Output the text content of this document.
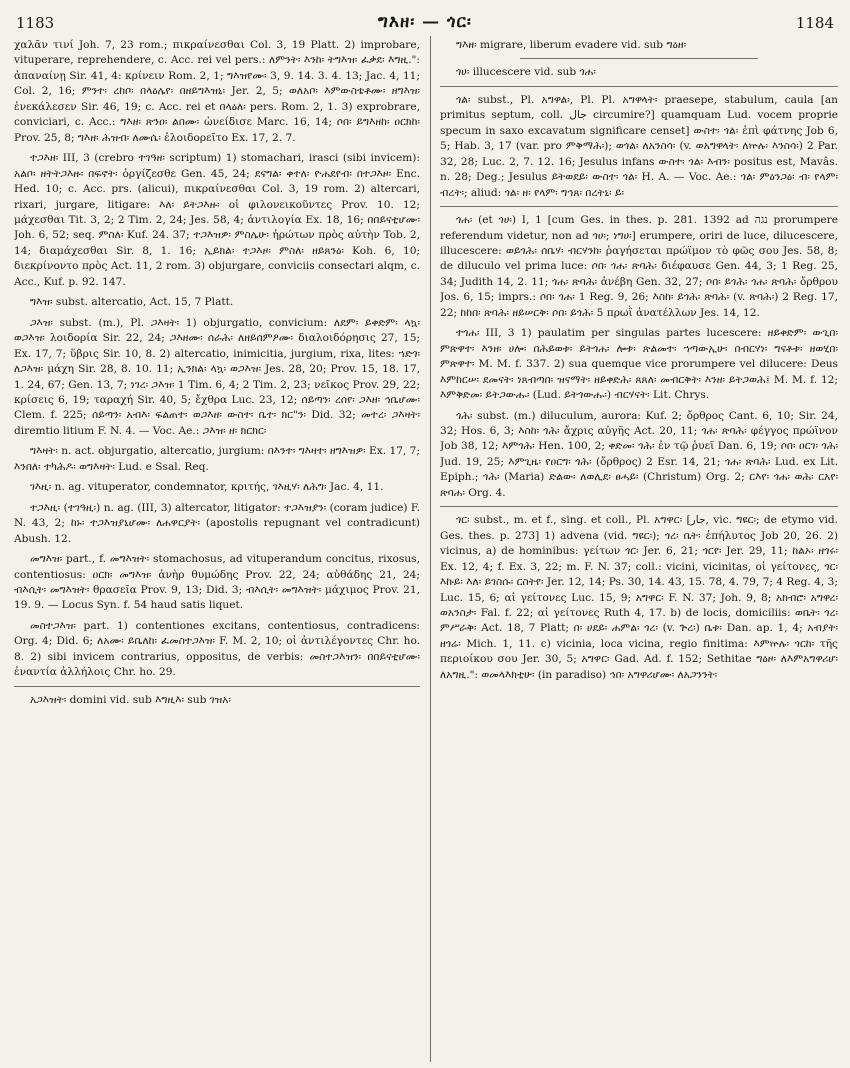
1183	ግእዘ፡ — ጎር፡	1184

χαλᾶν τινί Joh. 7, 23 rom.; πικραίνεσθαι Col. 3, 19 Platt. 2) improbare, vituperare, reprehendere, c. Acc. rei vel pers.: ለምንት፡ እንከ፡ ትግእዝ፡ ፈቃደ፡ እግዚ.": ἀπαναίνῃ Sir. 41, 4: κρίνειν Rom. 2, 1; ግእዝየሙ፡ 3, 9. 14. 3. 4. 13; Jac. 4, 11; Col. 2, 16; ምንተ፡ ረከቦ፡ በላዕሌየ፡ በዘይግእዝኒ፡ Jer. 2, 5; ወለአቦ፡ እምውስቴቶሙ፡ ዘግእዝ፡ ἐνεκάλεσεν Sir. 46, 19; c. Acc. rei et በላዕለ፡ pers. Rom. 2, 1. 3) exprobrare, conviciari, c. Acc.: ግእዘ፡ ጽንዐ፡ ልበሙ፡ ὠνείδισε Marc. 16, 14; ሶበ፡ ይግእዘከ፡ ዐርክከ፡ Prov. 25, 8; ግእዘ፡ ሕዝብ፡ ለሙሴ፡ ἐλοιδορεῖτο Ex. 17, 2. 7.

ተጋእዘ፡ III, 3 (crebro ተገዓዘ፡ scriptum) 1) stomachari, irasci (sibi invicem): አልቦ፡ ዘትትጋእዙ፡ በፍኖት፡ ὀργίζεσθε Gen. 45, 24; ደናግል፡ ቀተለ፡ ዮሐደየብ፡ በተጋእዞ፡ Enc. Hed. 10; c. Acc. prs. (alicui), πικραίνεσθαι Col. 3, 19 rom. 2) altercari, rixari, jurgare, litigare: እለ፡ ይትጋእዙ፡ οἱ φιλονεικοῦντες Prov. 10. 12; μάχεσθαι Tit. 3, 2; 2 Tim. 2, 24; Jes. 58, 4; ἀντιλογία Ex. 18, 16; በበይናቲሆሙ፡ Joh. 6, 52; seq. ምስለ፡ Kuf. 24. 37; ተጋእዝዎ፡ ምስሌሁ፡ ἠρώτων πρὸς αὐτὴν Tob. 2, 14; διαμάχεσθαι Sir. 8, 1. 16; ኢይክል፡ ተጋእዞ፡ ምስለ፡ ዘይጸንዕ፡ Koh. 6, 10; διεκρίνοντο πρὸς Act. 11, 2 rom. 3) objurgare, conviciis consectari alqm, c. Acc., Kuf. p. 92. 147.

ግእዝ፡ subst. altercatio, Act. 15, 7 Platt.

ጋእዝ፡ subst. (m.), Pl. ጋእዛት፡ 1) objurgatio, convicium: ለደም፡ ይቀድም፡ ላኳ፡ ወጋእዝ፡ λοιδορία Sir. 22, 24; ጋእዘሙ፡ ሰራሕ፡ ለዘይሰምዖሙ፡ διαλοιδόρησις 27, 15; Ex. 17, 7; ὕβρις Sir. 10, 8. 2) altercatio, inimicitia, jurgium, rixa, lites: ኀድጎ፡ ለጋእዝ፡ μάχη Sir. 28, 8. 10. 11; ኢንክል፡ ላኳ፡ ወጋእዝ፡ Jes. 28, 20; Prov. 15, 18. 17, 1. 24, 67; Gen. 13, 7; ነገረ፡ ጋእዝ፡ 1 Tim. 6, 4; 2 Tim. 2, 23; νεῖκος Prov. 29, 22; κρίσεις 6, 19; ταραχή Sir. 40, 5; ἔχθρα Luc. 23, 12; ሰይጣን፡ ረሰየ፡ ጋእዘ፡ ኅቤሆሙ፡ Clem. f. 225; ሰይጣን፡ አብእ፡ ፍልጠተ፡ ወጋእዘ፡ ውስተ፡ ቤተ፡ ክር"ን፡ Did. 32; መተረ፡ ጋእዛት፡ diremtio litium F. N. 4. — Voc. Ae.: ጋእዝ፡ ዘ፡ ክርክር፡

ግእዛት፡ n. act. objurgatio, altercatio, jurgium: በእንተ፡ ግእዛተ፡ ዘግእዝዎ፡ Ex. 17, 7; እንበለ፡ ተካሕዶ፡ ወግእዛት፡ Lud. e Ssal. Req.

ገእዚ፡ n. ag. vituperator, condemnator, κριτής, ገእዚሃ፡ ለሕግ፡ Jac. 4, 11.

ተጋእዚ፡ (ተገዓዚ፡) n. ag. (III, 3) altercator, litigator: ተጋእዝያን፡ (coram judice) F. N. 43, 2; ከኑ፡ ተጋእዝያኒሆሙ፡ ለሐዋርያት፡ (apostolis repugnant vel contradicunt) Abush. 12.

መግእዝ፡ part., f. መግእዝት፡ stomachosus, ad vituperandum concitus, rixosus, contentiosus: ዐርክ፡ መግእዝ፡ ἀνὴρ θυμώδης Prov. 22, 24; αὐθάδης 21, 24; ብእሲት፡ መግእዝት፡ θρασεῖα Prov. 9, 13; Did. 3; ብእሲት፡ መግእዝት፡ μάχιμος Prov. 21, 19. 9. — Locus Syn. f. 54 haud satis liquet.

መስተጋእዝ፡ part. 1) contentiones excitans, contentiosus, contradicens: Org. 4; Did. 6; ለአሙ፡ ይቤለከ፡ ፈመስተጋእዝ፡ F. M. 2, 10; οἱ ἀντιλέγοντες Chr. ho. 8. 2) sibi invicem contrarius, oppositus, de verbis: መስተጋእዝን፡ በበይናቲሆሙ፡ ἐναντία ἀλλήλοις Chr. ho. 29.

አጋእዝት፡ domini vid. sub እግዚእ፡ sub ገዝአ፡

ግእዘ፡ migrare, liberum evadere vid. sub ግዕዘ፡

ጎሀ፡ illucescere vid. sub ጎሐ፡

ጎል፡ subst., Pl. አግዋል፡, Pl. Pl. አግዋላት፡ praesepe, stabulum, caula [an primitus septum, coll. جال circumire?] quamquam Lud. vocem proprie specum in saxo excavatum significare censet] ውስተ፡ ጎል፡ ἐπὶ φάτνης Job 6, 5; Hab. 3, 17 (var. pro ምቅማሕ፡); ወጎል፡ ለአንስሳ፡ (v. ወአግዋላት፡ ለኵሉ፡ እንስሳ፡) 2 Par. 32, 28; Luc. 2, 7. 12. 16; Jesulus infans ውስተ፡ ጎል፡ እብን፡ positus est, Mavâs. n. 28; Deg.; Jesulus ይትወደይ፡ ውስተ፡ ጎል፡ H. A. — Voc. Ae.: ጎል፡ ምዕንጋዕ፡ ብ፡ የላም፡ ብረት፡; aliud: ጎል፡ ዘ፡ የላም፡ ግኅጸ፡ በረትኒ፡ ይ፡

ጎሐ፡ (et ጎሀ፡) I, 1 [cum Ges. in thes. p. 281. 1392 ad נגה prorumpere referendum videtur, non ad ጎሀ፡; ነግሀ፡] erumpere, oriri de luce, dilucescere, illucescere: ወይጎሕ፡ ሰቤሃ፡ ብርሃንከ፡ ῥαγήσεται πρώϊμον τὸ φῶς σου Jes. 58, 8; de diluculo vel prima luce: ሶበ፡ ጎሐ፡ ጽባሕ፡ διέφαυσε Gen. 44, 3; 1 Reg. 25, 34; Judith 14, 2. 11; ጎሐ፡ ጽባሕ፡ ἀνέβη Gen. 32, 27; ሶበ፡ ይጎሕ፡ ጎሐ፡ ጽባሕ፡ ὄρθρου Jos. 6, 15; imprs.: ሶበ፡ ጎሐ፡ 1 Reg. 9, 26; እስከ፡ ይጎሕ፡ ጽባሕ፡ (v. ጽባሕ፡) 2 Reg. 17, 22; ከከበ፡ ጽባሕ፡ ዘይሠርቅ፡ ሶበ፡ ይጎሕ፡ 5 πρωῒ ἀνατέλλων Jes. 14, 12.

ተጎሐ፡ III, 3 1) paulatim per singulas partes lucescere: ዘይቀድም፡ ውጊበ፡ ምጽዋተ፡ እንዘ፡ ሀሎ፡ በሕይወቱ፡ ይትጎሐ፡ ሎቱ፡ ጽልመተ፡ ኀጣውኢሁ፡ በብርሃነ፡ ግናቶቱ፡ ዘወሂበ፡ ምጽዋተ፡ M. M. f. 337. 2) sua quemque vice prorumpere vel dilucere: Deus እምከርሠ፡ ደመናት፡ ነጸብጣበ፡ ዝናማት፡ ዘይቀድሕ፡ ጸጸለ፡ መብርቅት፡ እንዘ፡ ይትጋወሕ፤ M. M. f. 12; እምቅድመ፡ ይትጋውሑ፡ (Lud. ይትጎውሑ፡) ብርሃናት፡ Lit. Chrys.

ጎሕ፡ subst. (m.) diluculum, aurora: Kuf. 2; ὄρθρος Cant. 6, 10; Sir. 24, 32; Hos. 6, 3; እስከ፡ ጎሕ፡ ἄχρις αὐγῆς Act. 20, 11; ጎሐ፡ ጽባሕ፡ φέγγος πρώϊνον Job 38, 12; እምጎሕ፡ Hen. 100, 2; ቀድመ፡ ጎሕ፡ ἐν τῷ ῥυεῖ Dan. 6, 19; ሶበ፡ ዐርገ፡ ጎሕ፡ Jud. 19, 25; እምጊዜ፡ የዐርግ፡ ጎሕ፡ (ὄρθρος) 2 Esr. 14, 21; ጎሐ፡ ጽባሕ፡ Lud. ex Lit. Epiph.; ጎሕ፡ (Maria) ድልው፡ ለወሊደ፡ ፀሓይ፡ (Christum) Org. 2; ርእየ፡ ጎሐ፡ ወሕ፡ ርአየ፡ ጽባሐ፡ Org. 4.

ጎር፡ subst., m. et f., sing. et coll., Pl. አግዋር፡ [جار, vic. ግዩር፡; de etymo vid. Ges. thes. p. 273] 1) advena (vid. ግዩር፡); ጎረ፡ ቤት፡ ἐπήλυτος Job 20, 26. 2) vicinus, a) de hominibus: γείτων ጎር፡ Jer. 6, 21; ጎርየ፡ Jer. 29, 11; ከልኦ፡ ዘጎሩ፡ Ex. 12, 4; f. Ex. 3, 22; m. F. N. 37; coll.: vicini, vicinitas, οἱ γείτονες, ጎር፡ እኩይ፡ እለ፡ ይገስሱ፡ ርስትየ፡ Jer. 12, 14; Ps. 30, 14. 43, 15. 78, 4. 79, 7; 4 Reg. 4, 3; Luc. 15, 6; αἱ γείτονες Luc. 15, 9; አግዋር፡ F. N. 37; Joh. 9, 8; አክብሮ፡ አግዋረ፡ ወአንስታ፡ Fal. f. 22; αἱ γείτονες Ruth 4, 17. b) de locis, domiciliis: ወቤት፡ ጎረ፡ ምሥራቅ፡ Act. 18, 7 Platt; በ፡ ሀደይ፡ ሐምል፡ ጎረ፡ (v. ጕረ፡) ቤቱ፡ Dan. ap. 1, 4; አብያት፡ ዘጎሬ፡ Mich. 1, 11. c) vicinia, loca vicina, regio finitima: እምኵሉ፡ ጎርከ፡ τῆς περιοίκου σου Jer. 30, 5; አግዋር፡ Gad. Ad. f. 152; Sethitae ግዕዞ፡ ለእምአግዋሪሆ፡ ለአግዚ.": ወመላእክቲሁ፡ (in paradiso) ኅበ፡ አግዋሪሆሙ፡ ለአጋንንት፡
